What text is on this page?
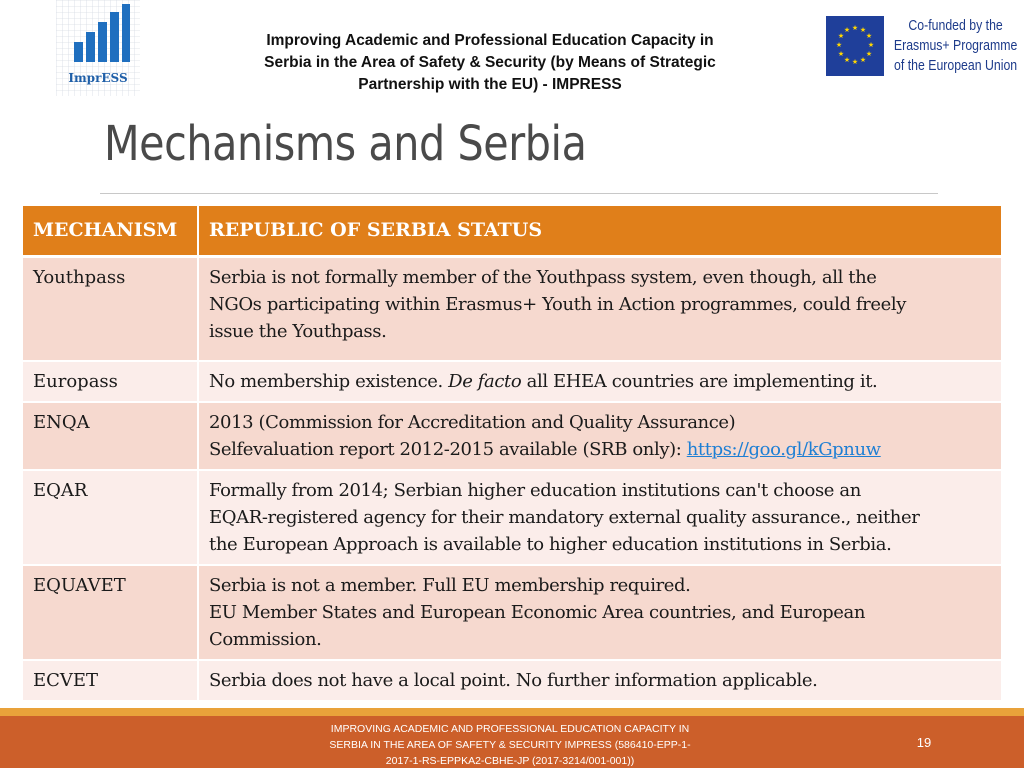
ImprESS
Improving Academic and Professional Education Capacity in
Serbia in the Area of Safety & Security (by Means of Strategic
Partnership with the EU) - IMPRESS
★ ★
★
★
★
★
★
★
★
★
★
★	Co-funded by the
Erasmus+ Programme
of the European Union
Mechanisms and Serbia
MECHANISM	REPUBLIC OF SERBIA STATUS
Youthpass	Serbia is not formally member of the Youthpass system, even though, all the
NGOs participating within Erasmus+ Youth in Action programmes, could freely
issue the Youthpass.

Europass	No membership existence. De facto all EHEA countries are implementing it.

ENQA	2013 (Commission for Accreditation and Quality Assurance)
Selfevaluation report 2012-2015 available (SRB only): https://goo.gl/kGpnuw

EQAR	Formally from 2014; Serbian higher education institutions can't choose an
EQAR-registered agency for their mandatory external quality assurance., neither
the European Approach is available to higher education institutions in Serbia.

EQUAVET	Serbia is not a member. Full EU membership required.
EU Member States and European Economic Area countries, and European
Commission.

ECVET	Serbia does not have a local point. No further information applicable.
IMPROVING ACADEMIC AND PROFESSIONAL EDUCATION CAPACITY IN
SERBIA IN THE AREA OF SAFETY & SECURITY IMPRESS (586410-EPP-1-
2017-1-RS-EPPKA2-CBHE-JP (2017-3214/001-001))
19
